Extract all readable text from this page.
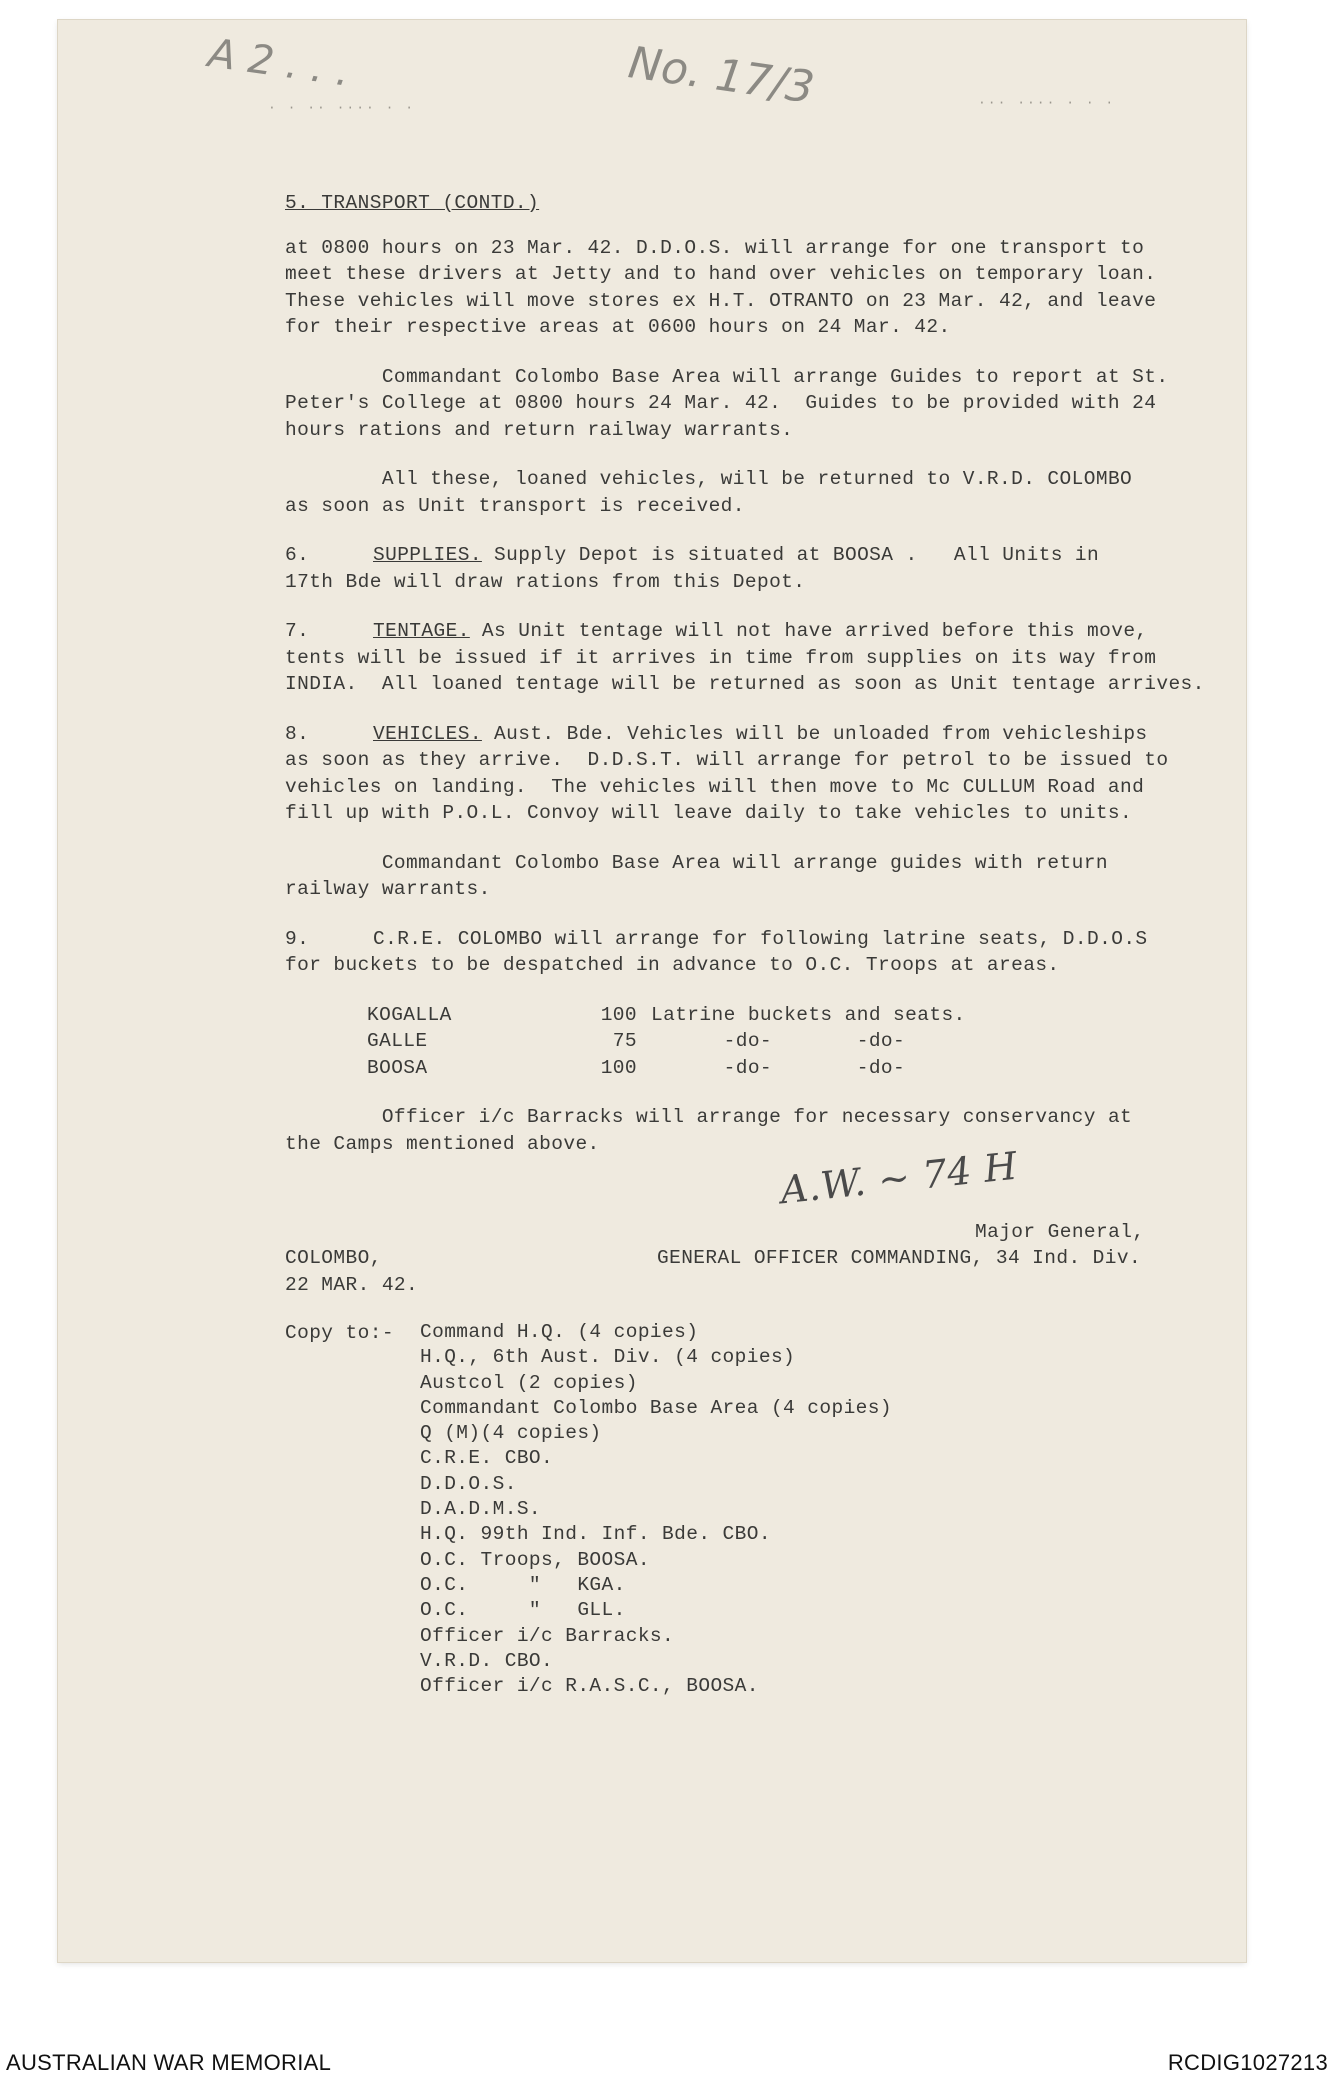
No. 17/3
A 2 . . .
· · ·· ···· · ·	··· ···· · · ·

5. TRANSPORT (CONTD.)

at 0800 hours on 23 Mar. 42. D.D.O.S. will arrange for one transport to

meet these drivers at Jetty and to hand over vehicles on temporary loan.

These vehicles will move stores ex H.T. OTRANTO on 23 Mar. 42, and leave

for their respective areas at 0600 hours on 24 Mar. 42.

Commandant Colombo Base Area will arrange Guides to report at St.

Peter's College at 0800 hours 24 Mar. 42.  Guides to be provided with 24

hours rations and return railway warrants.

All these, loaned vehicles, will be returned to V.R.D. COLOMBO

as soon as Unit transport is received.

6.	SUPPLIES. Supply Depot is situated at BOOSA .   All Units in

17th Bde will draw rations from this Depot.

7.	TENTAGE. As Unit tentage will not have arrived before this move,

tents will be issued if it arrives in time from supplies on its way from

INDIA.  All loaned tentage will be returned as soon as Unit tentage arrives.

8.	VEHICLES. Aust. Bde. Vehicles will be unloaded from vehicleships

as soon as they arrive.  D.D.S.T. will arrange for petrol to be issued to

vehicles on landing.  The vehicles will then move to Mc CULLUM Road and

fill up with P.O.L. Convoy will leave daily to take vehicles to units.

Commandant Colombo Base Area will arrange guides with return

railway warrants.

9.	C.R.E. COLOMBO will arrange for following latrine seats, D.D.O.S

for buckets to be despatched in advance to O.C. Troops at areas.

KOGALLA	100 Latrine buckets and seats.
GALLE	75 -do-       -do-
BOOSA	100 -do-       -do-

Officer i/c Barracks will arrange for necessary conservancy at

the Camps mentioned above.

A.W. ~ 74 H
Major General,

COLOMBO,

22 MAR. 42.

GENERAL OFFICER COMMANDING, 34 Ind. Div.

Copy to:-	Command H.Q. (4 copies)
H.Q., 6th Aust. Div. (4 copies)
Austcol (2 copies)
Commandant Colombo Base Area (4 copies)
Q (M)(4 copies)
C.R.E. CBO.
D.D.O.S.
D.A.D.M.S.
H.Q. 99th Ind. Inf. Bde. CBO.
O.C. Troops, BOOSA.
O.C.     "   KGA.
O.C.     "   GLL.
Officer i/c Barracks.
V.R.D. CBO.
Officer i/c R.A.S.C., BOOSA.
AUSTRALIAN WAR MEMORIAL	RCDIG1027213
